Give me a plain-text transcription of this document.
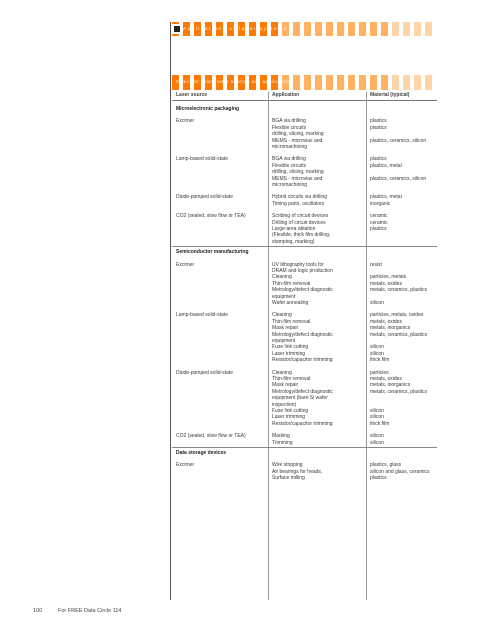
Applications of laser systems
Selection chart: laser sources and applications
Laser source	Application	Material (typical)
Microelectronic packaging
Excimer	BGA via drilling	plastics
Flexible circuits	plastics
drilling, slicing, marking
MEMS - microvias and	plastics, ceramics, silicon
micromachining
Lamp-based solid-state	BGA via drilling	plastics
Flexible circuits	plastics, metal
drilling, slicing, marking
MEMS - microvias and	plastics, ceramics, silicon
micromachining
Diode-pumped solid-state	Hybrid circuits via drilling	plastics, metal
Timing parts, oscillators	inorganic
CO2 (sealed, slow flow or TEA)	Scribing of circuit devices	ceramic
Drilling of circuit devices	ceramic
Large-area ablation	plastics
(Flexible, thick film drilling,
stamping, marking)
Semiconductor manufacturing
Excimer	UV lithography tools for	resist
DRAM and logic production
Cleaning	particles, metals
Thin-film removal	metals, oxides
Metrology/defect diagnostic	metals, ceramics, plastics
equipment
Wafer annealing	silicon
Lamp-based solid-state	Cleaning	particles, metals, oxides
Thin-film removal	metals, oxides
Mask repair	metals, inorganics
Metrology/defect diagnostic	metals, ceramics, plastics
equipment
Fuse link cutting	silicon
Laser trimming	silicon
Resistor/capacitor trimming	thick film
Diode-pumped solid-state	Cleaning	particles
Thin-film removal	metals, oxides
Mask repair	metals, inorganics
Metrology/defect diagnostic	metals, ceramics, plastics
equipment (bare Si wafer
inspection)
Fuse link cutting	silicon
Laser trimming	silicon
Resistor/capacitor trimming	thick film
CO2 (sealed, slow flow or TEA)	Marking	silicon
Trimming	silicon
Data storage devices
Excimer	Wire stripping	plastics, glass
Air bearings for heads,	silicon and glass, ceramics
Surface milling	plastics
100	For FREE Data Circle 114
